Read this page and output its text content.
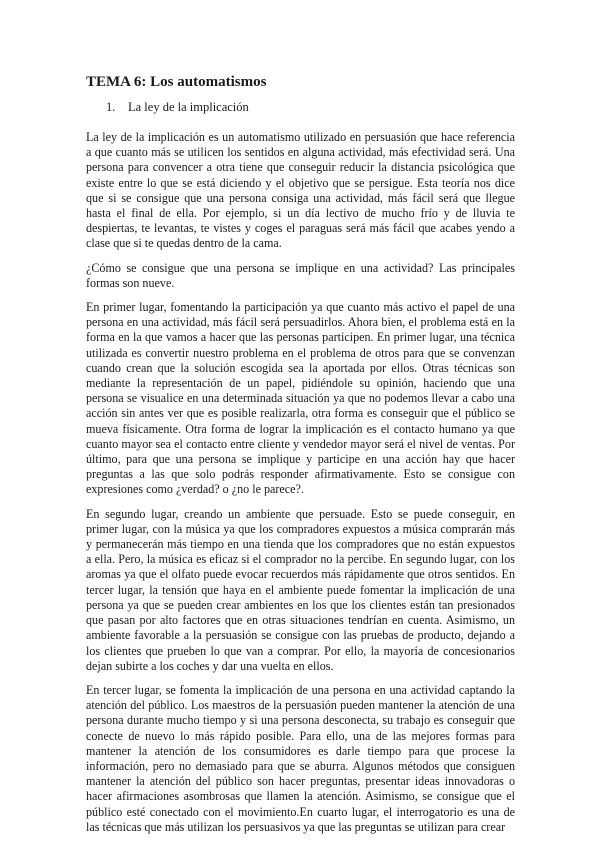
TEMA 6: Los automatismos
1. La ley de la implicación

La ley de la implicación es un automatismo utilizado en persuasión que hace referencia a que cuanto más se utilicen los sentidos en alguna actividad, más efectividad será. Una persona para convencer a otra tiene que conseguir reducir la distancia psicológica que existe entre lo que se está diciendo y el objetivo que se persigue. Esta teoría nos dice que si se consigue que una persona consiga una actividad, más fácil será que llegue hasta el final de ella. Por ejemplo, si un día lectivo de mucho frío y de lluvia te despiertas, te levantas, te vistes y coges el paraguas será más fácil que acabes yendo a clase que si te quedas dentro de la cama.

¿Cómo se consigue que una persona se implique en una actividad? Las principales formas son nueve.

En primer lugar, fomentando la participación ya que cuanto más activo el papel de una persona en una actividad, más fácil será persuadirlos. Ahora bien, el problema está en la forma en la que vamos a hacer que las personas participen. En primer lugar, una técnica utilizada es convertir nuestro problema en el problema de otros para que se convenzan cuando crean que la solución escogida sea la aportada por ellos. Otras técnicas son mediante la representación de un papel, pidiéndole su opinión, haciendo que una persona se visualice en una determinada situación ya que no podemos llevar a cabo una acción sin antes ver que es posible realizarla, otra forma es conseguir que el público se mueva físicamente. Otra forma de lograr la implicación es el contacto humano ya que cuanto mayor sea el contacto entre cliente y vendedor mayor será el nivel de ventas. Por último, para que una persona se implique y participe en una acción hay que hacer preguntas a las que solo podrás responder afirmativamente. Esto se consigue con expresiones como ¿verdad? o ¿no le parece?.

En segundo lugar, creando un ambiente que persuade. Esto se puede conseguir, en primer lugar, con la música ya que los compradores expuestos a música comprarán más y permanecerán más tiempo en una tienda que los compradores que no están expuestos a ella. Pero, la música es eficaz si el comprador no la percibe. En segundo lugar, con los aromas ya que el olfato puede evocar recuerdos más rápidamente que otros sentidos. En tercer lugar, la tensión que haya en el ambiente puede fomentar la implicación de una persona ya que se pueden crear ambientes en los que los clientes están tan presionados que pasan por alto factores que en otras situaciones tendrían en cuenta. Asimismo, un ambiente favorable a la persuasión se consigue con las pruebas de producto, dejando a los clientes que prueben lo que van a comprar. Por ello, la mayoría de concesionarios dejan subirte a los coches y dar una vuelta en ellos.

En tercer lugar, se fomenta la implicación de una persona en una actividad captando la atención del público. Los maestros de la persuasión pueden mantener la atención de una persona durante mucho tiempo y si una persona desconecta, su trabajo es conseguir que conecte de nuevo lo más rápido posible. Para ello, una de las mejores formas para mantener la atención de los consumidores es darle tiempo para que procese la información, pero no demasiado para que se aburra. Algunos métodos que consiguen mantener la atención del público son hacer preguntas, presentar ideas innovadoras o hacer afirmaciones asombrosas que llamen la atención. Asimismo, se consigue que el público esté conectado con el movimiento.En cuarto lugar, el interrogatorio es una de las técnicas que más utilizan los persuasivos ya que las preguntas se utilizan para crear
